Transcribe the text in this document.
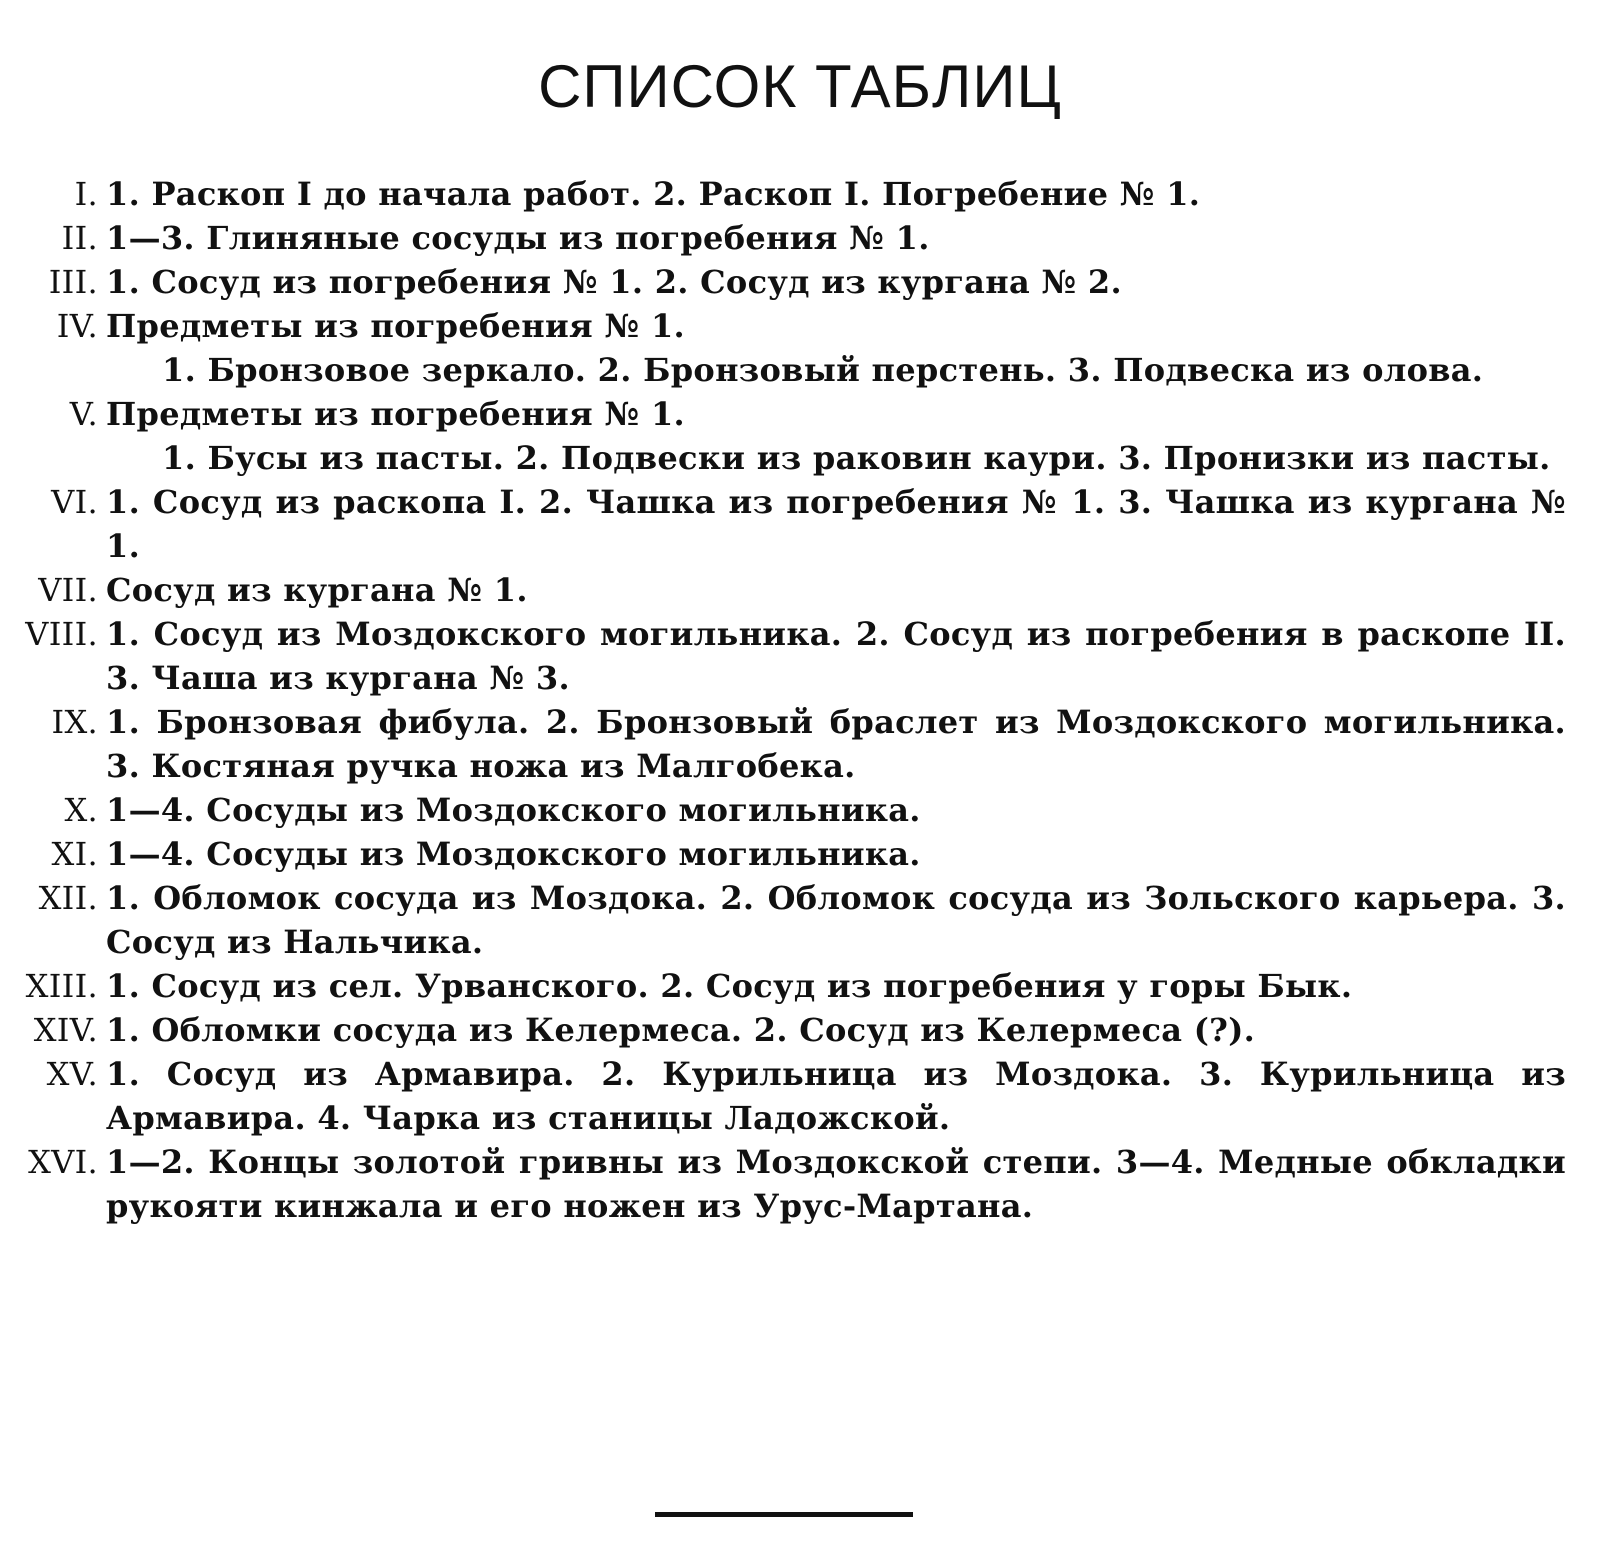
СПИСОК ТАБЛИЦ
I. 1. Раскоп I до начала работ. 2. Раскоп I. Погребение № 1.
II. 1—3. Глиняные сосуды из погребения № 1.
III. 1. Сосуд из погребения № 1. 2. Сосуд из кургана № 2.
IV. Предметы из погребения № 1.
1. Бронзовое зеркало. 2. Бронзовый перстень. 3. Подвеска из олова.
V. Предметы из погребения № 1.
1. Бусы из пасты. 2. Подвески из раковин каури. 3. Пронизки из пасты.
VI. 1. Сосуд из раскопа I. 2. Чашка из погребения № 1. 3. Чашка из кургана № 1.
VII. Сосуд из кургана № 1.
VIII. 1. Сосуд из Моздокского могильника. 2. Сосуд из погребения в раскопе II. 3. Чаша из кургана № 3.
IX. 1. Бронзовая фибула. 2. Бронзовый браслет из Моздокского могильника. 3. Костяная ручка ножа из Малгобека.
X. 1—4. Сосуды из Моздокского могильника.
XI. 1—4. Сосуды из Моздокского могильника.
XII. 1. Обломок сосуда из Моздока. 2. Обломок сосуда из Зольского карьера. 3. Сосуд из Нальчика.
XIII. 1. Сосуд из сел. Урванского. 2. Сосуд из погребения у горы Бык.
XIV. 1. Обломки сосуда из Келермеса. 2. Сосуд из Келермеса (?).
XV. 1. Сосуд из Армавира. 2. Курильница из Моздока. 3. Курильница из Армавира. 4. Чарка из станицы Ладожской.
XVI. 1—2. Концы золотой гривны из Моздокской степи. 3—4. Медные обкладки рукояти кинжала и его ножен из Урус-Мартана.
